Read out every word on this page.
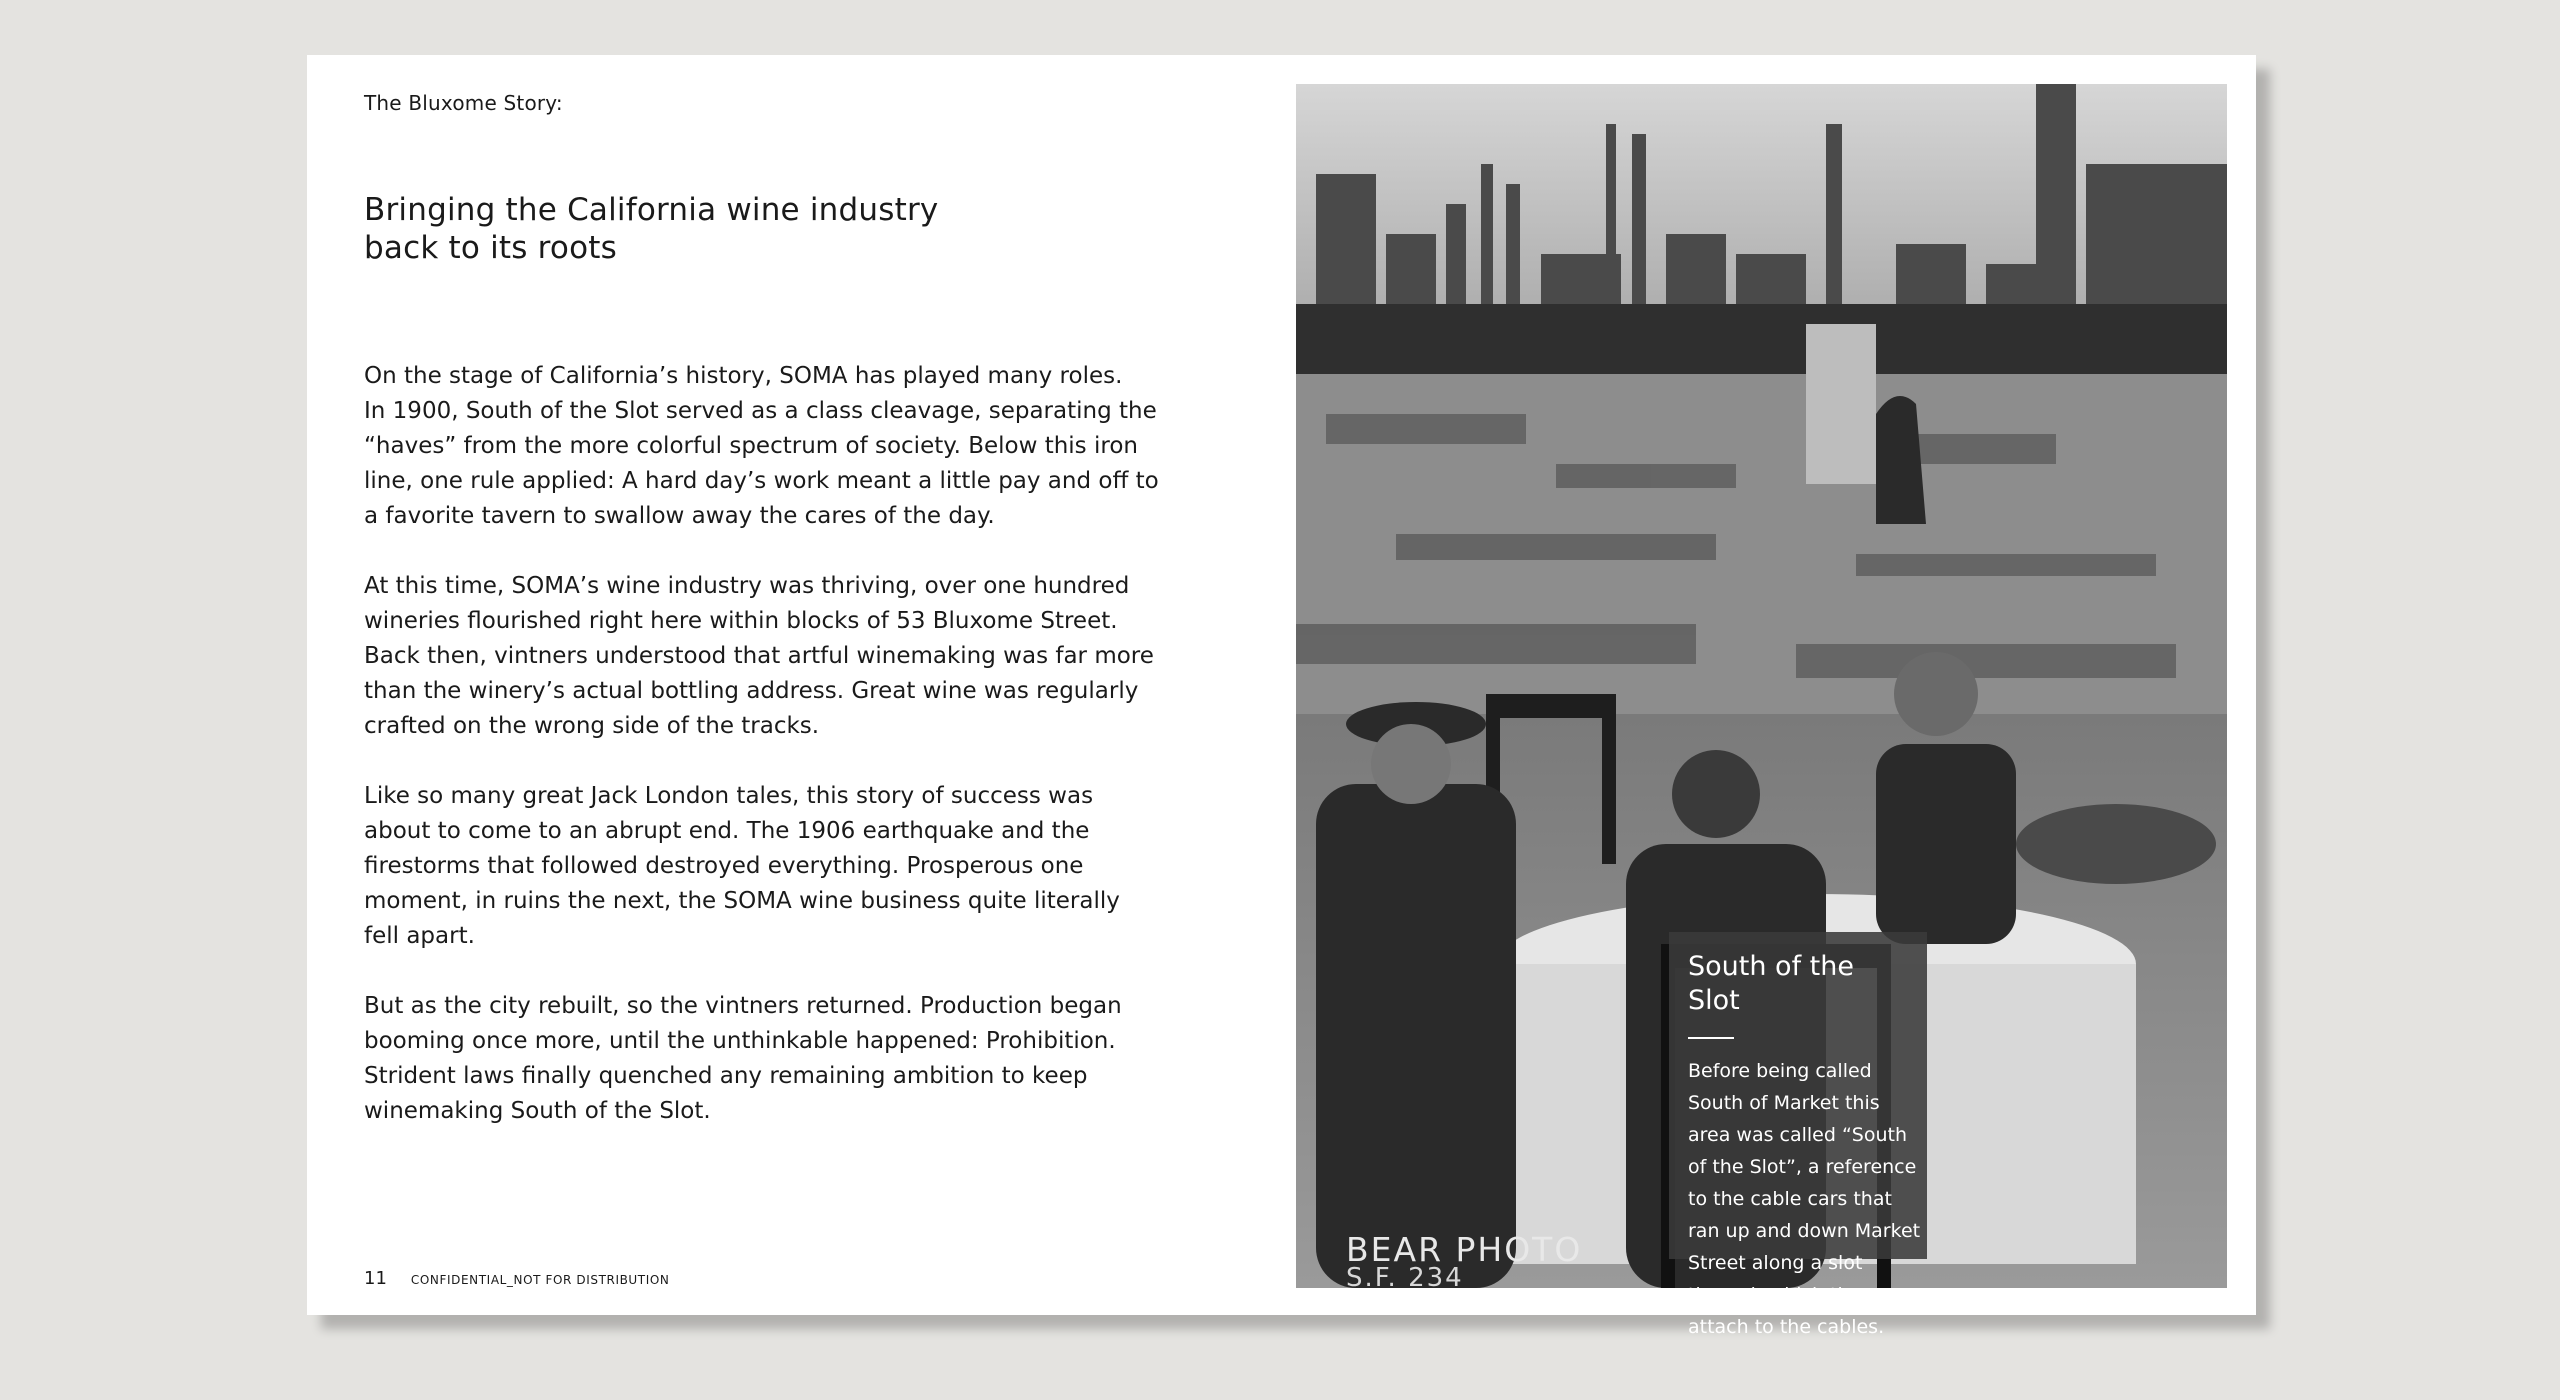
The Bluxome Story:

Bringing the California wine industry
back to its roots

On the stage of California’s history, SOMA has played many roles.
In 1900, South of the Slot served as a class cleavage, separating the
“haves” from the more colorful spectrum of society. Below this iron
line, one rule applied: A hard day’s work meant a little pay and off to
a favorite tavern to swallow away the cares of the day.

At this time, SOMA’s wine industry was thriving, over one hundred
wineries flourished right here within blocks of 53 Bluxome Street.
Back then, vintners understood that artful winemaking was far more
than the winery’s actual bottling address. Great wine was regularly
crafted on the wrong side of the tracks.

Like so many great Jack London tales, this story of success was
about to come to an abrupt end. The 1906 earthquake and the
firestorms that followed destroyed everything. Prosperous one
moment, in ruins the next, the SOMA wine business quite literally
fell apart.

But as the city rebuilt, so the vintners returned. Production began
booming once more, until the unthinkable happened: Prohibition.
Strident laws finally quenched any remaining ambition to keep
winemaking South of the Slot.

11 CONFIDENTIAL_NOT FOR DISTRIBUTION
BEAR PHOTO
S.F. 234

South of the Slot

Before being called
South of Market this
area was called “South
of the Slot”, a reference
to the cable cars that
ran up and down Market
Street along a slot
through which they
attach to the cables.
